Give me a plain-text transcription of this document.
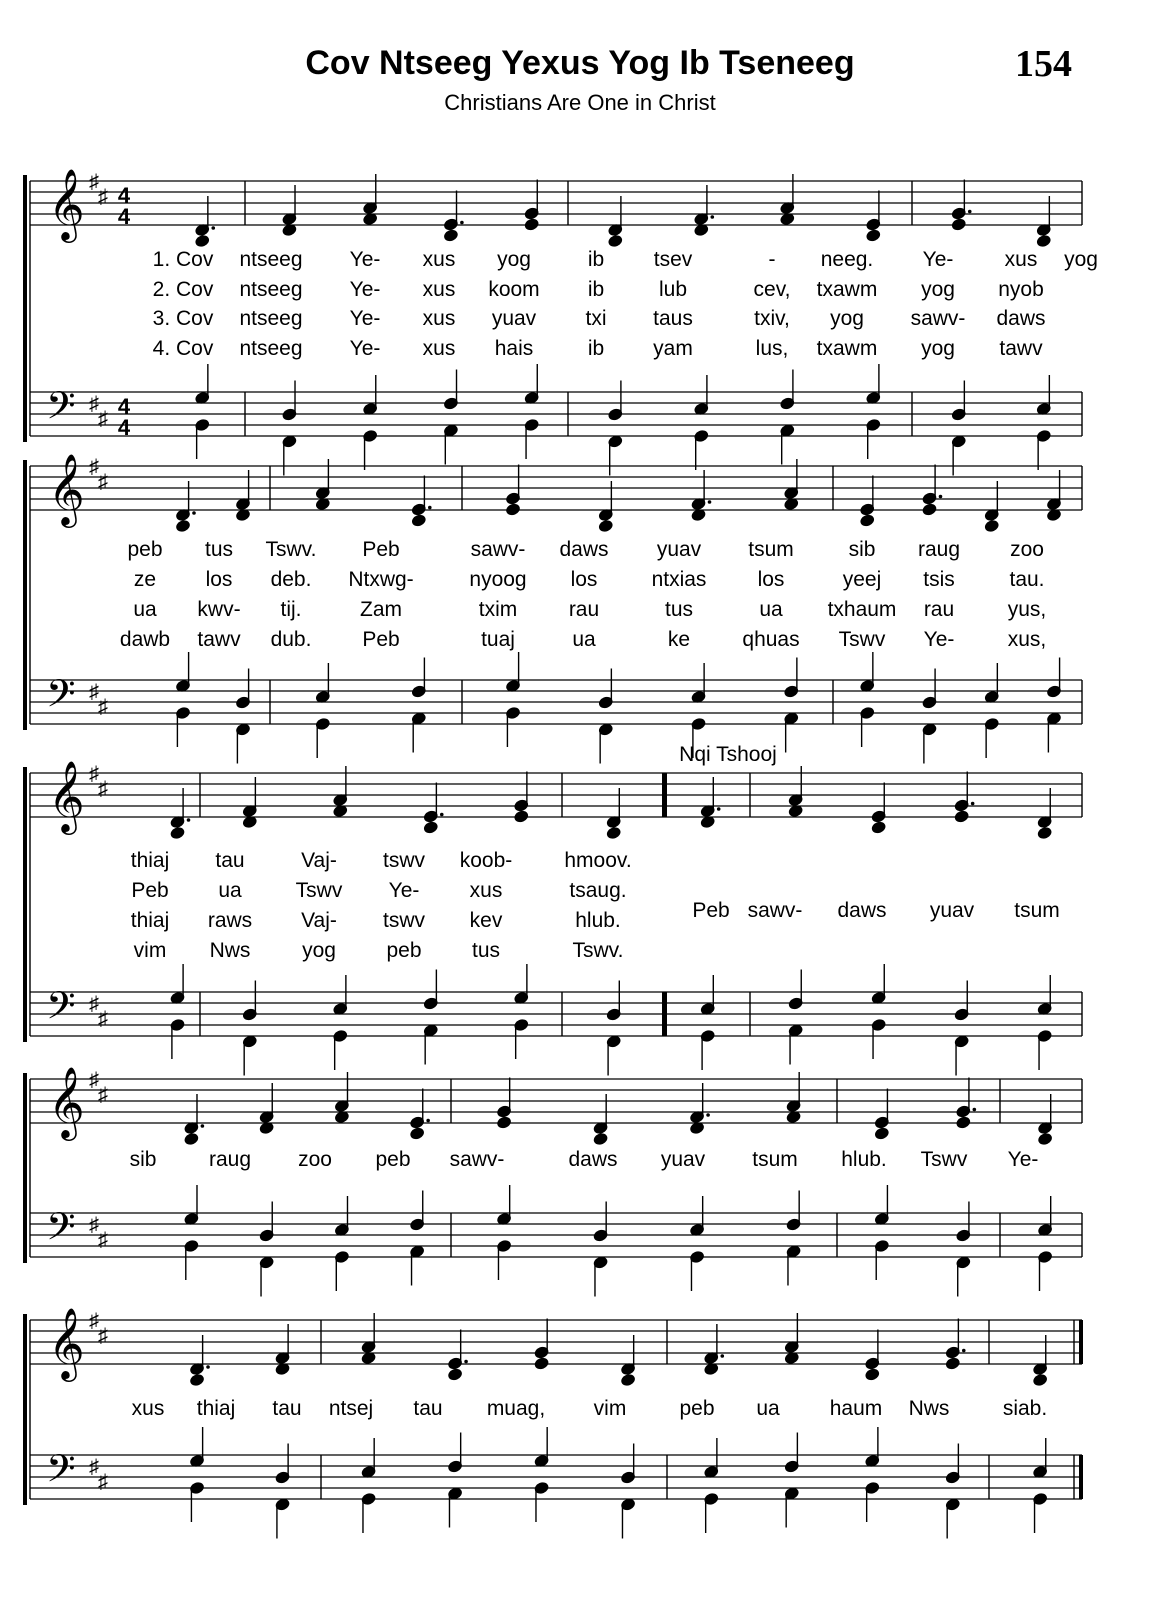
Cov Ntseeg Yexus Yog Ib Tseneeg
Christians Are One in Christ
154
𝄞
𝄢
♯
♯
♯
♯
4
4
4
4
1. Cov ntseeg Ye- xus yog	ib tsev	- neeg. Ye- xus yog
2. Cov ntseeg Ye- xus koom ib	lub	cev, txawm yog nyob
3. Cov ntseeg Ye- xus yuav txi taus	txiv, yog sawv- daws
4. Cov ntseeg Ye- xus hais	ib yam	lus, txawm yog tawv
𝄞
𝄢
♯
♯
♯
♯
peb tus Tswv. Peb	sawv- daws yuav tsum	sib raug zoo
ze los deb. Ntxwg-	nyoog los	ntxias los	yeej tsis	tau.
ua kwv- tij.	Zam	txim rau	tus	ua txhaum rau	yus,
dawb tawv dub. Peb	tuaj	ua	ke qhuas Tswv Ye-	xus,
𝄞
𝄢
♯
♯
♯
♯
Nqi Tshooj
thiaj tau	Vaj- tswv koob- hmoov.
Peb ua	Tswv Ye- xus	tsaug.
thiaj raws Vaj- tswv kev	hlub.
vim Nws yog peb tus	Tswv.
Peb sawv- daws yuav tsum
𝄞
𝄢
♯
♯
♯
♯
sib	raug zoo peb sawv-	daws yuav tsum hlub. Tswv Ye-
𝄞
𝄢
♯
♯
♯
♯
xus thiaj tau ntsej tau muag, vim	peb ua haum Nws	siab.
